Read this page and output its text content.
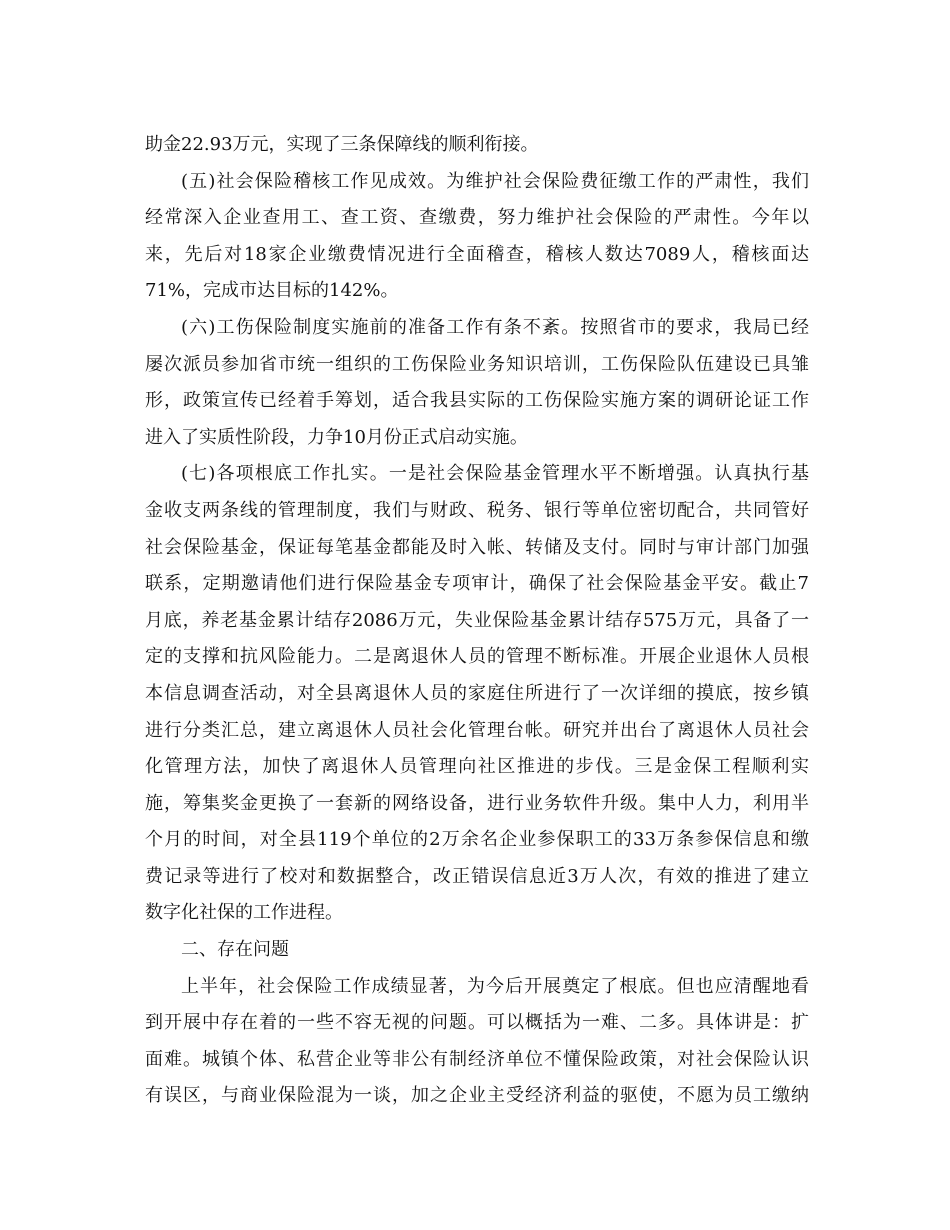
助金22.93万元，实现了三条保障线的顺利衔接。
(五)社会保险稽核工作见成效。为维护社会保险费征缴工作的严肃性，我们
经常深入企业查用工、查工资、查缴费，努力维护社会保险的严肃性。今年以
来，先后对18家企业缴费情况进行全面稽查，稽核人数达7089人，稽核面达
71%，完成市达目标的142%。
(六)工伤保险制度实施前的准备工作有条不紊。按照省市的要求，我局已经
屡次派员参加省市统一组织的工伤保险业务知识培训，工伤保险队伍建设已具雏
形，政策宣传已经着手筹划，适合我县实际的工伤保险实施方案的调研论证工作
进入了实质性阶段，力争10月份正式启动实施。
(七)各项根底工作扎实。一是社会保险基金管理水平不断增强。认真执行基
金收支两条线的管理制度，我们与财政、税务、银行等单位密切配合，共同管好
社会保险基金，保证每笔基金都能及时入帐、转储及支付。同时与审计部门加强
联系，定期邀请他们进行保险基金专项审计，确保了社会保险基金平安。截止7
月底，养老基金累计结存2086万元，失业保险基金累计结存575万元，具备了一
定的支撑和抗风险能力。二是离退休人员的管理不断标准。开展企业退休人员根
本信息调查活动，对全县离退休人员的家庭住所进行了一次详细的摸底，按乡镇
进行分类汇总，建立离退休人员社会化管理台帐。研究并出台了离退休人员社会
化管理方法，加快了离退休人员管理向社区推进的步伐。三是金保工程顺利实
施，筹集奖金更换了一套新的网络设备，进行业务软件升级。集中人力，利用半
个月的时间，对全县119个单位的2万余名企业参保职工的33万条参保信息和缴
费记录等进行了校对和数据整合，改正错误信息近3万人次，有效的推进了建立
数字化社保的工作进程。
二、存在问题
上半年，社会保险工作成绩显著，为今后开展奠定了根底。但也应清醒地看
到开展中存在着的一些不容无视的问题。可以概括为一难、二多。具体讲是：扩
面难。城镇个体、私营企业等非公有制经济单位不懂保险政策，对社会保险认识
有误区，与商业保险混为一谈，加之企业主受经济利益的驱使，不愿为员工缴纳
